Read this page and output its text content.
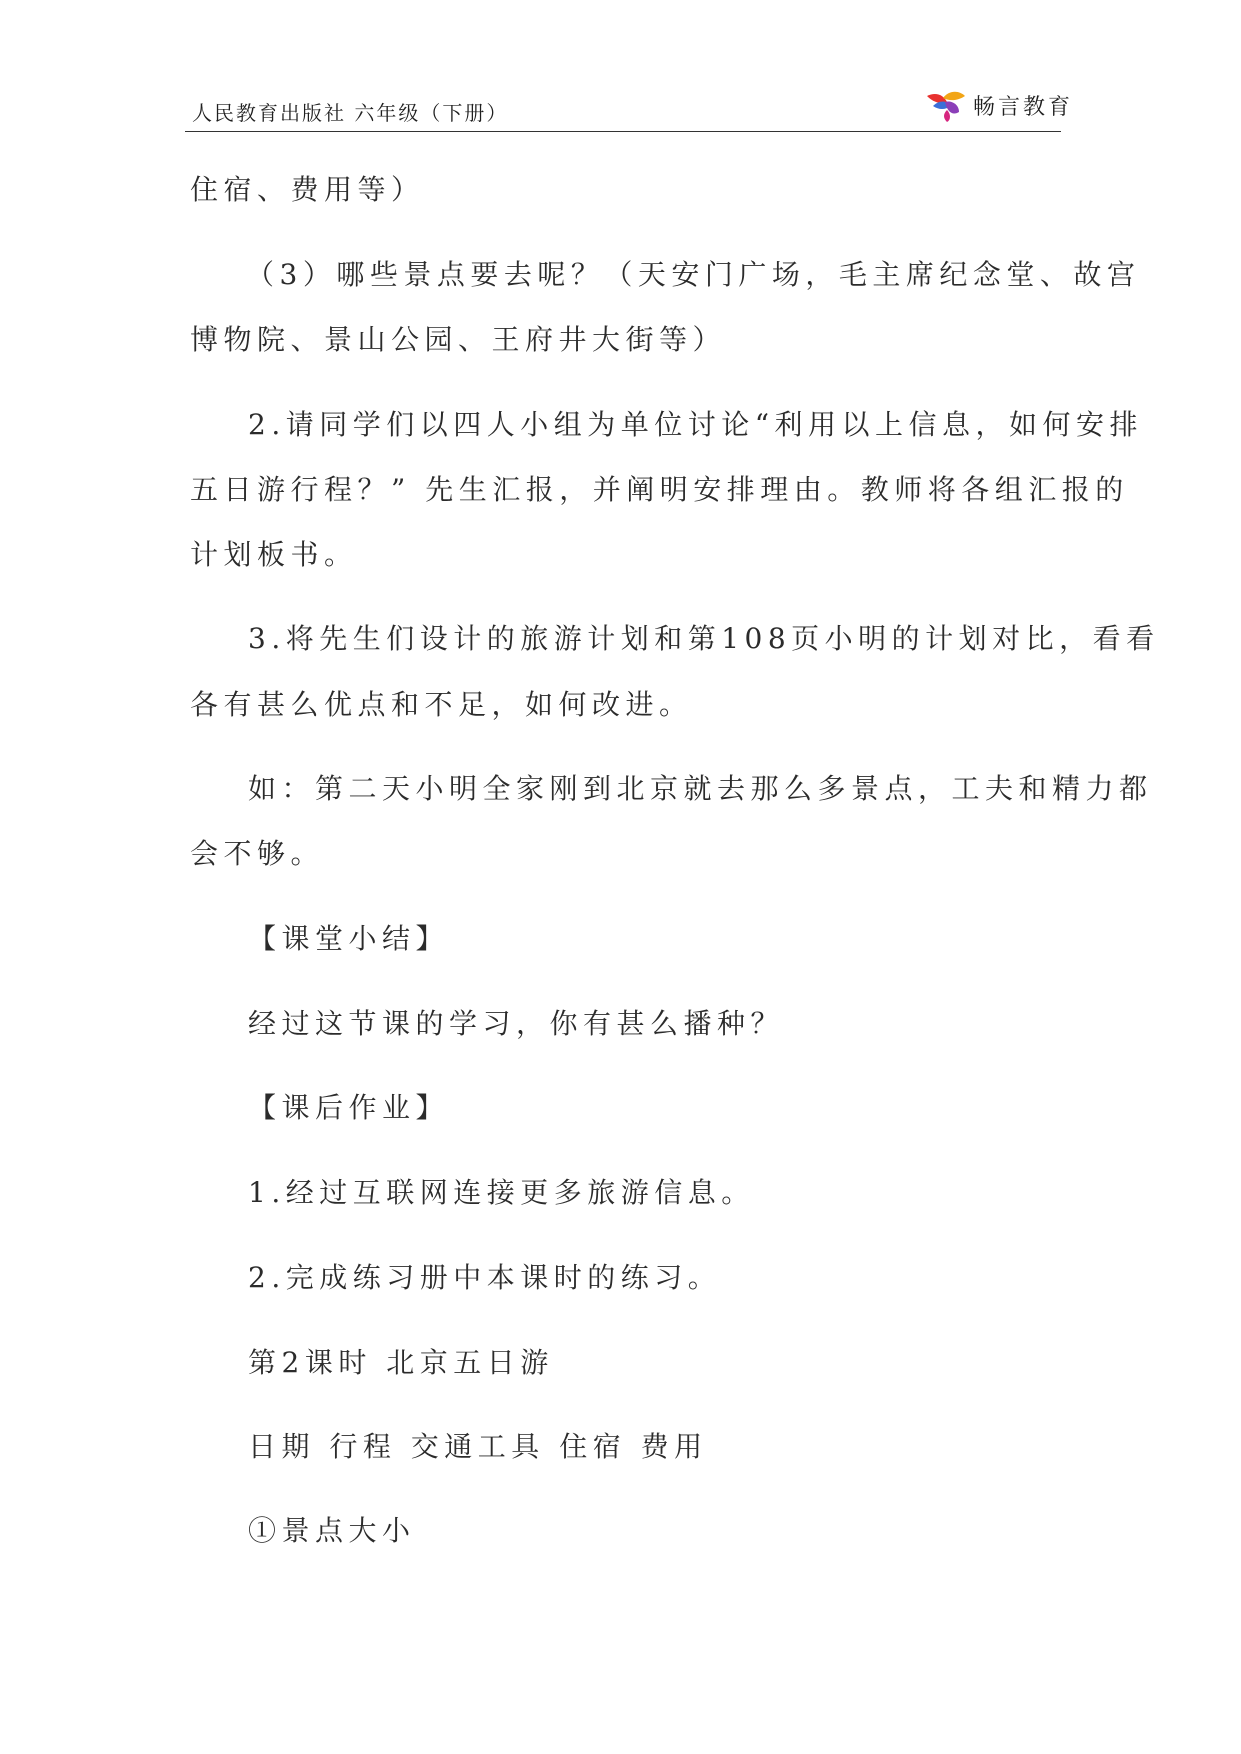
人民教育出版社 六年级（下册）	畅言教育
住宿、费用等）
（3）哪些景点要去呢？（天安门广场，毛主席纪念堂、故宫
博物院、景山公园、王府井大街等）
2.请同学们以四人小组为单位讨论“利用以上信息，如何安排
五日游行程？” 先生汇报，并阐明安排理由。教师将各组汇报的
计划板书。
3.将先生们设计的旅游计划和第108页小明的计划对比，看看
各有甚么优点和不足，如何改进。
如：第二天小明全家刚到北京就去那么多景点，工夫和精力都
会不够。
【课堂小结】
经过这节课的学习，你有甚么播种？
【课后作业】
1.经过互联网连接更多旅游信息。
2.完成练习册中本课时的练习。
第2课时 北京五日游
日期 行程 交通工具 住宿 费用
①景点大小
